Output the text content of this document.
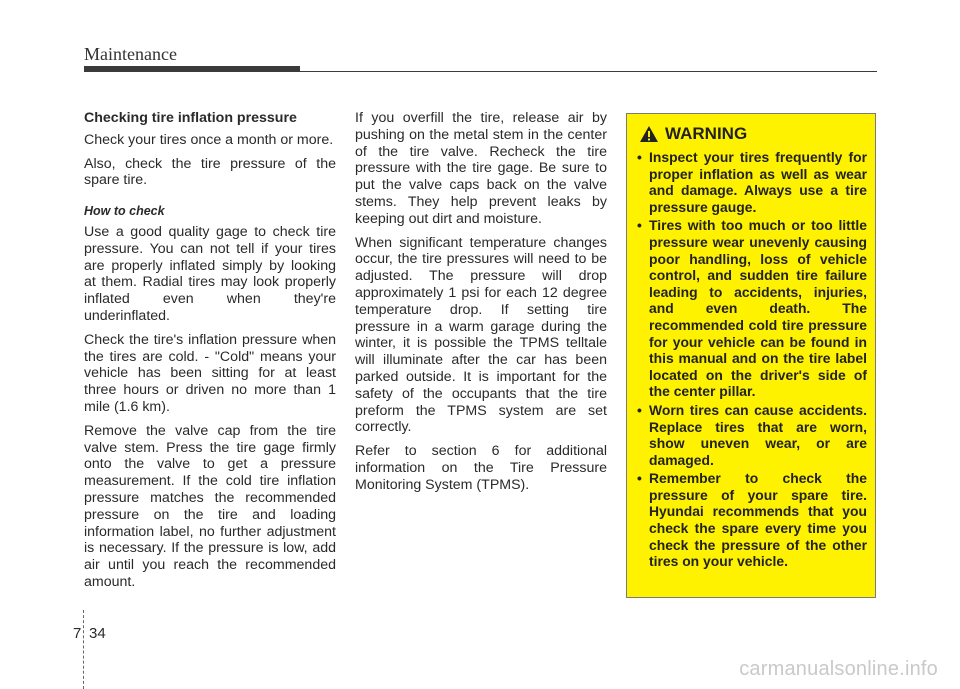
Maintenance
Checking tire inflation pressure

Check your tires once a month or more.

Also, check the tire pressure of the spare tire.

How to check

Use a good quality gage to check tire pressure. You can not tell if your tires are properly inflated simply by looking at them. Radial tires may look properly inflated even when they're underinflated.

Check the tire's inflation pressure when the tires are cold. - "Cold" means your vehicle has been sitting for at least three hours or driven no more than 1 mile (1.6 km).

Remove the valve cap from the tire valve stem. Press the tire gage firmly onto the valve to get a pressure measurement. If the cold tire inflation pressure matches the recommended pressure on the tire and loading information label, no further adjustment is necessary. If the pressure is low, add air until you reach the recommended amount.

If you overfill the tire, release air by pushing on the metal stem in the center of the tire valve. Recheck the tire pressure with the tire gage. Be sure to put the valve caps back on the valve stems. They help prevent leaks by keeping out dirt and moisture.

When significant temperature changes occur, the tire pressures will need to be adjusted. The pressure will drop approximately 1 psi for each 12 degree temperature drop. If setting tire pressure in a warm garage during the winter, it is possible the TPMS telltale will illuminate after the car has been parked outside. It is important for the safety of the occupants that the tire preform the TPMS system are set correctly.

Refer to section 6 for additional information on the Tire Pressure Monitoring System (TPMS).

WARNING
• Inspect your tires frequently for proper inflation as well as wear and damage. Always use a tire pressure gauge.
• Tires with too much or too little pressure wear unevenly causing poor handling, loss of vehicle control, and sudden tire failure leading to accidents, injuries, and even death. The recommended cold tire pressure for your vehicle can be found in this manual and on the tire label located on the driver's side of the center pillar.
• Worn tires can cause accidents. Replace tires that are worn, show uneven wear, or are damaged.
• Remember to check the pressure of your spare tire. Hyundai recommends that you check the spare every time you check the pressure of the other tires on your vehicle.
7 34
carmanualsonline.info
